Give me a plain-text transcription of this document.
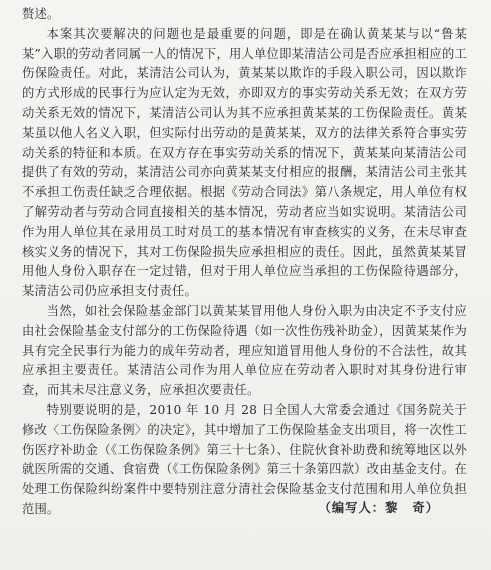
赘述。

本案其次要解决的问题也是最重要的问题，即是在确认黄某某与以“鲁某某”入职的劳动者同属一人的情况下，用人单位即某清洁公司是否应承担相应的工伤保险责任。对此，某清洁公司认为，黄某某以欺诈的手段入职公司，因以欺诈的方式形成的民事行为应认定为无效，亦即双方的事实劳动关系无效；在双方劳动关系无效的情况下，某清洁公司认为其不应承担黄某某的工伤保险责任。黄某某虽以他人名义入职，但实际付出劳动的是黄某某，双方的法律关系符合事实劳动关系的特征和本质。在双方存在事实劳动关系的情况下，黄某某向某清洁公司提供了有效的劳动，某清洁公司亦向黄某某支付相应的报酬，某清洁公司主张其不承担工伤责任缺乏合理依据。根据《劳动合同法》第八条规定，用人单位有权了解劳动者与劳动合同直接相关的基本情况，劳动者应当如实说明。某清洁公司作为用人单位其在录用员工时对员工的基本情况有审查核实的义务，在未尽审查核实义务的情况下，其对工伤保险损失应承担相应的责任。因此，虽然黄某某冒用他人身份入职存在一定过错，但对于用人单位应当承担的工伤保险待遇部分，某清洁公司仍应承担支付责任。

当然，如社会保险基金部门以黄某某冒用他人身份入职为由决定不予支付应由社会保险基金支付部分的工伤保险待遇（如一次性伤残补助金），因黄某某作为具有完全民事行为能力的成年劳动者，理应知道冒用他人身份的不合法性，故其应承担主要责任。某清洁公司作为用人单位应在劳动者入职时对其身份进行审查，而其未尽注意义务，应承担次要责任。

特别要说明的是，2010 年 10 月 28 日全国人大常委会通过《国务院关于修改〈工伤保险条例〉的决定》，其中增加了工伤保险基金支出项目，将一次性工伤医疗补助金（《工伤保险条例》第三十七条）、住院伙食补助费和统筹地区以外就医所需的交通、食宿费（《工伤保险条例》第三十条第四款）改由基金支付。在处理工伤保险纠纷案件中要特别注意分清社会保险基金支付范围和用人单位负担范围。	（编写人：黎 奇）
